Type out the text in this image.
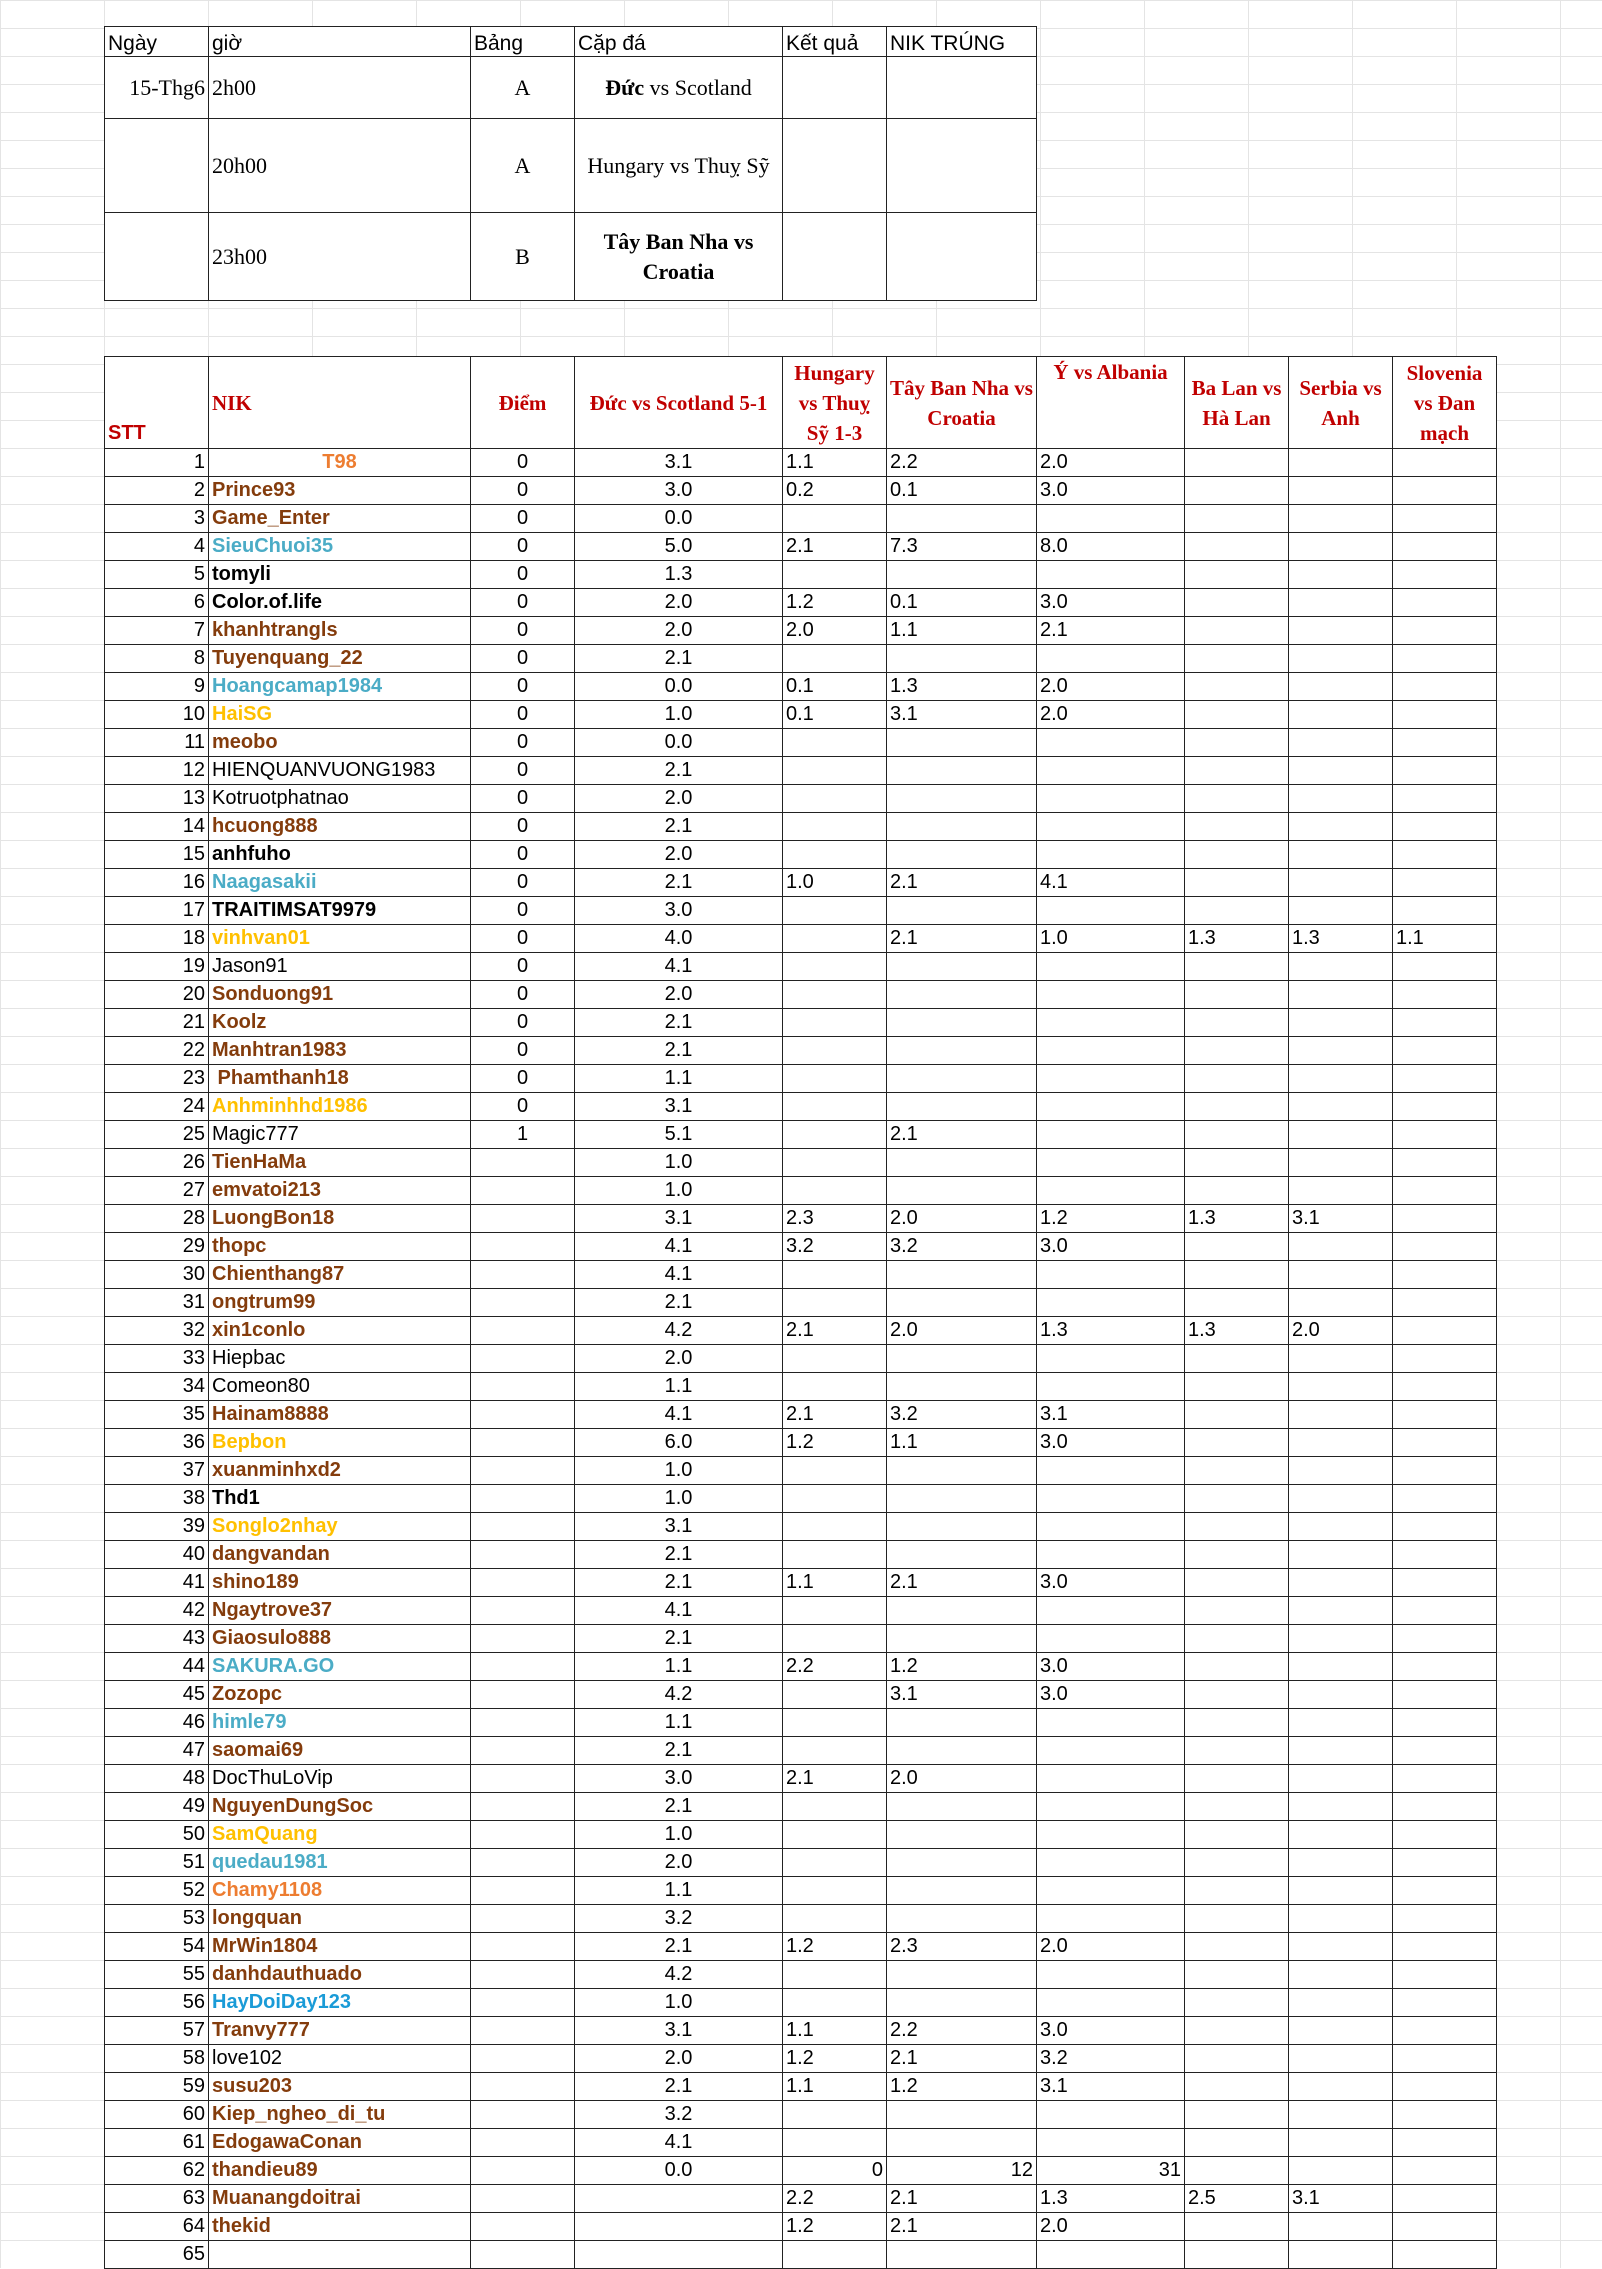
Ngày	giờ	Bảng	Cặp đá	Kết quả	NIK TRÚNG
15-Thg6	2h00	A	Đức vs Scotland		
	20h00	A	Hungary vs Thuỵ Sỹ		
	23h00	B	Tây Ban Nha vs Croatia		
STT	NIK	Điểm	Đức vs Scotland 5-1	Hungary vs Thuỵ Sỹ 1-3	Tây Ban Nha vs Croatia	Ý vs Albania	Ba Lan vs Hà Lan	Serbia vs Anh	Slovenia vs Đan mạch
1	T98	0	3.1	1.1	2.2	2.0			
2	Prince93	0	3.0	0.2	0.1	3.0			
3	Game_Enter	0	0.0						
4	SieuChuoi35	0	5.0	2.1	7.3	8.0			
5	tomyli	0	1.3						
6	Color.of.life	0	2.0	1.2	0.1	3.0			
7	khanhtrangls	0	2.0	2.0	1.1	2.1			
8	Tuyenquang_22	0	2.1						
9	Hoangcamap1984	0	0.0	0.1	1.3	2.0			
10	HaiSG	0	1.0	0.1	3.1	2.0			
11	meobo	0	0.0						
12	HIENQUANVUONG1983	0	2.1						
13	Kotruotphatnao	0	2.0						
14	hcuong888	0	2.1						
15	anhfuho	0	2.0						
16	Naagasakii	0	2.1	1.0	2.1	4.1			
17	TRAITIMSAT9979	0	3.0						
18	vinhvan01	0	4.0		2.1	1.0	1.3	1.3	1.1
19	Jason91	0	4.1						
20	Sonduong91	0	2.0						
21	Koolz	0	2.1						
22	Manhtran1983	0	2.1						
23	Phamthanh18	0	1.1						
24	Anhminhhd1986	0	3.1						
25	Magic777	1	5.1		2.1				
26	TienHaMa		1.0						
27	emvatoi213		1.0						
28	LuongBon18		3.1	2.3	2.0	1.2	1.3	3.1	
29	thopc		4.1	3.2	3.2	3.0			
30	Chienthang87		4.1						
31	ongtrum99		2.1						
32	xin1conlo		4.2	2.1	2.0	1.3	1.3	2.0	
33	Hiepbac		2.0						
34	Comeon80		1.1						
35	Hainam8888		4.1	2.1	3.2	3.1			
36	Bepbon		6.0	1.2	1.1	3.0			
37	xuanminhxd2		1.0						
38	Thd1		1.0						
39	Songlo2nhay		3.1						
40	dangvandan		2.1						
41	shino189		2.1	1.1	2.1	3.0			
42	Ngaytrove37		4.1						
43	Giaosulo888		2.1						
44	SAKURA.GO		1.1	2.2	1.2	3.0			
45	Zozopc		4.2		3.1	3.0			
46	himle79		1.1						
47	saomai69		2.1						
48	DocThuLoVip		3.0	2.1	2.0				
49	NguyenDungSoc		2.1						
50	SamQuang		1.0						
51	quedau1981		2.0						
52	Chamy1108		1.1						
53	longquan		3.2						
54	MrWin1804		2.1	1.2	2.3	2.0			
55	danhdauthuado		4.2						
56	HayDoiDay123		1.0						
57	Tranvy777		3.1	1.1	2.2	3.0			
58	love102		2.0	1.2	2.1	3.2			
59	susu203		2.1	1.1	1.2	3.1			
60	Kiep_ngheo_di_tu		3.2						
61	EdogawaConan		4.1						
62	thandieu89		0.0	0	12	31			
63	Muanangdoitrai			2.2	2.1	1.3	2.5	3.1	
64	thekid			1.2	2.1	2.0			
65									
